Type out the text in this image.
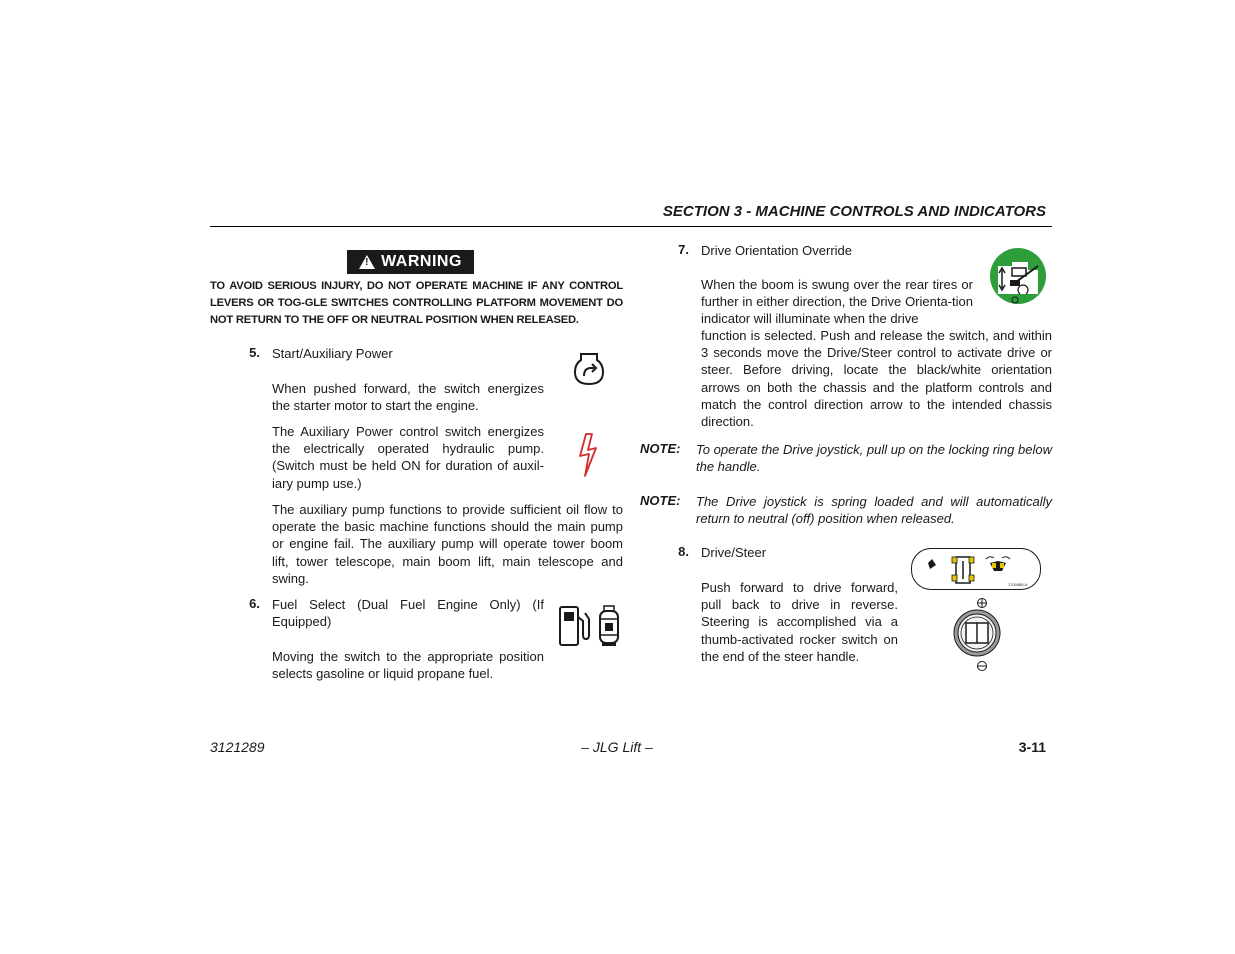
SECTION 3 - MACHINE CONTROLS AND INDICATORS
! WARNING
TO AVOID SERIOUS INJURY, DO NOT OPERATE MACHINE IF ANY CONTROL LEVERS OR TOG-GLE SWITCHES CONTROLLING PLATFORM MOVEMENT DO NOT RETURN TO THE OFF OR NEUTRAL POSITION WHEN RELEASED.
5. Start/Auxiliary Power
When pushed forward, the switch energizes the starter motor to start the engine.
The Auxiliary Power control switch energizes the electrically operated hydraulic pump. (Switch must be held ON for duration of auxil-iary pump use.)
The auxiliary pump functions to provide sufficient oil flow to operate the basic machine functions should the main pump or engine fail. The auxiliary pump will operate tower boom lift, tower telescope, main boom lift, main telescope and swing.
6. Fuel Select (Dual Fuel Engine Only) (If Equipped)
Moving the switch to the appropriate position selects gasoline or liquid propane fuel.
7. Drive Orientation Override
When the boom is swung over the rear tires or further in either direction, the Drive Orienta-tion indicator will illuminate when the drive
function is selected. Push and release the switch, and within 3 seconds move the Drive/Steer control to activate drive or steer. Before driving, locate the black/white orientation arrows on both the chassis and the platform controls and match the control direction arrow to the intended chassis direction.
NOTE: To operate the Drive joystick, pull up on the locking ring below the handle.
NOTE: The Drive joystick is spring loaded and will automatically return to neutral (off) position when released.
8. Drive/Steer
Push forward to drive forward, pull back to drive in reverse. Steering is accomplished via a thumb-activated rocker switch on the end of the steer handle.
1700485 A
3121289	– JLG Lift –	3-11
